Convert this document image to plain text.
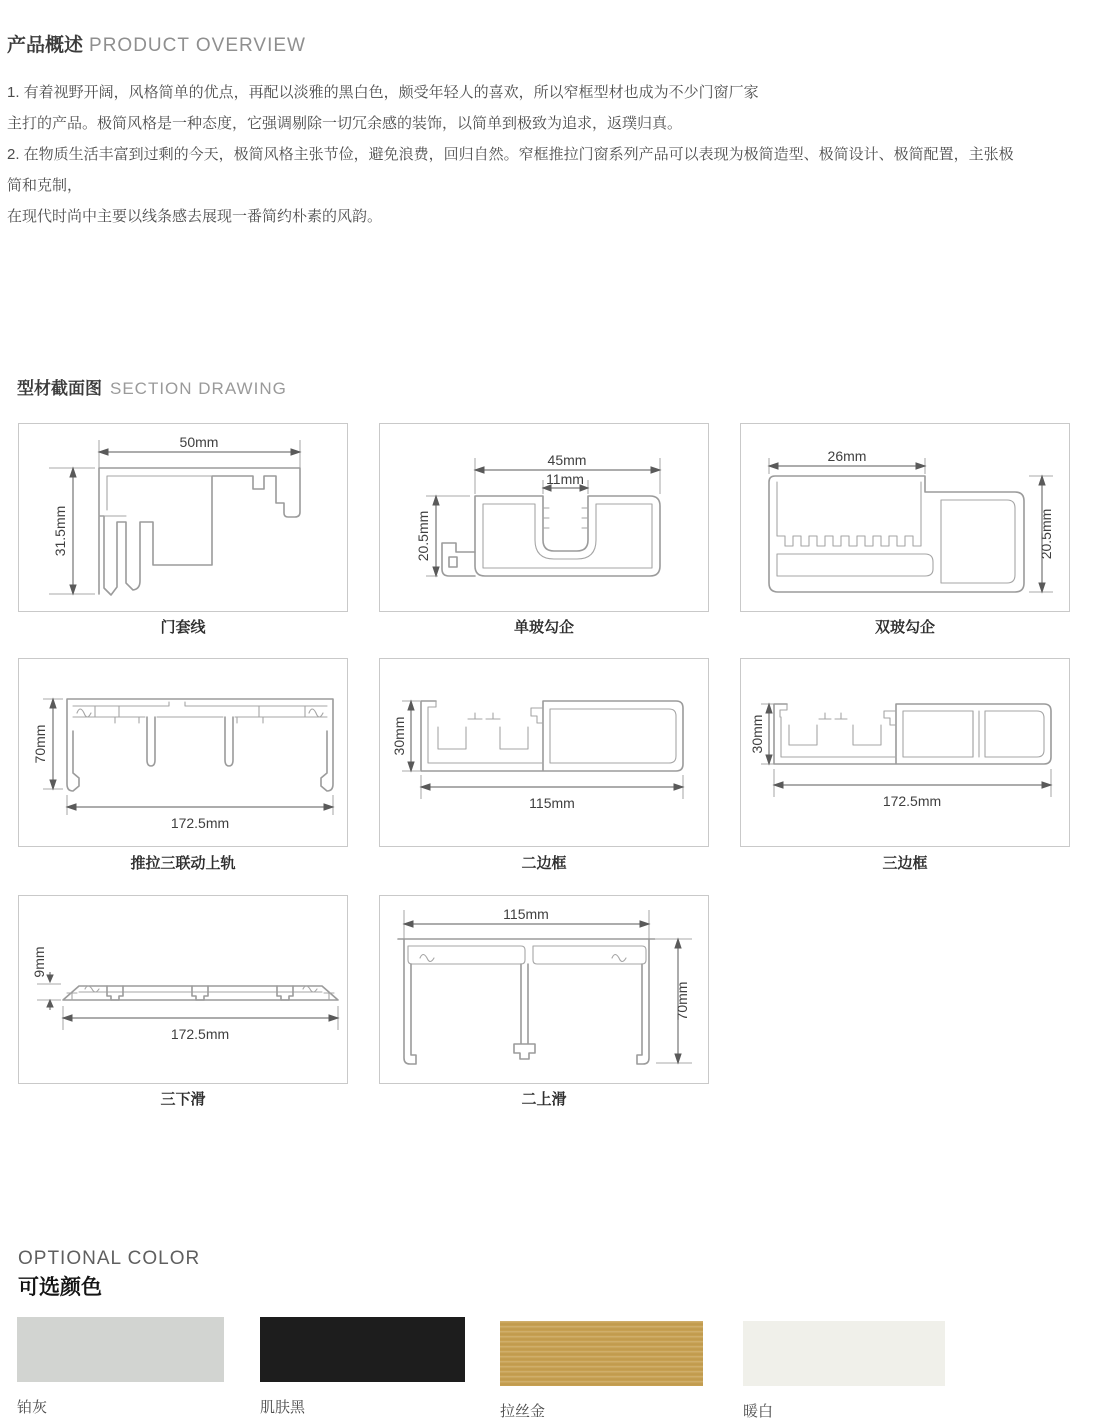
产品概述 PRODUCT OVERVIEW
1. 有着视野开阔，风格简单的优点，再配以淡雅的黑白色，颇受年轻人的喜欢，所以窄框型材也成为不少门窗厂家
主打的产品。极简风格是一种态度，它强调剔除一切冗余感的装饰，以简单到极致为追求，返璞归真。
2. 在物质生活丰富到过剩的今天，极简风格主张节俭，避免浪费，回归自然。窄框推拉门窗系列产品可以表现为极简造型、极简设计、极简配置，主张极简和克制，
在现代时尚中主要以线条感去展现一番简约朴素的风韵。
型材截面图 SECTION DRAWING
50mm
31.5mm
门套线
45mm
11mm
20.5mm
单玻勾企
26mm
20.5mm
双玻勾企
70mm
172.5mm
推拉三联动上轨
30mm
115mm
二边框
30mm
172.5mm
三边框
9mm
172.5mm
三下滑
115mm
70mm
二上滑
OPTIONAL COLOR
可选颜色
铂灰	肌肤黑	拉丝金	暖白
